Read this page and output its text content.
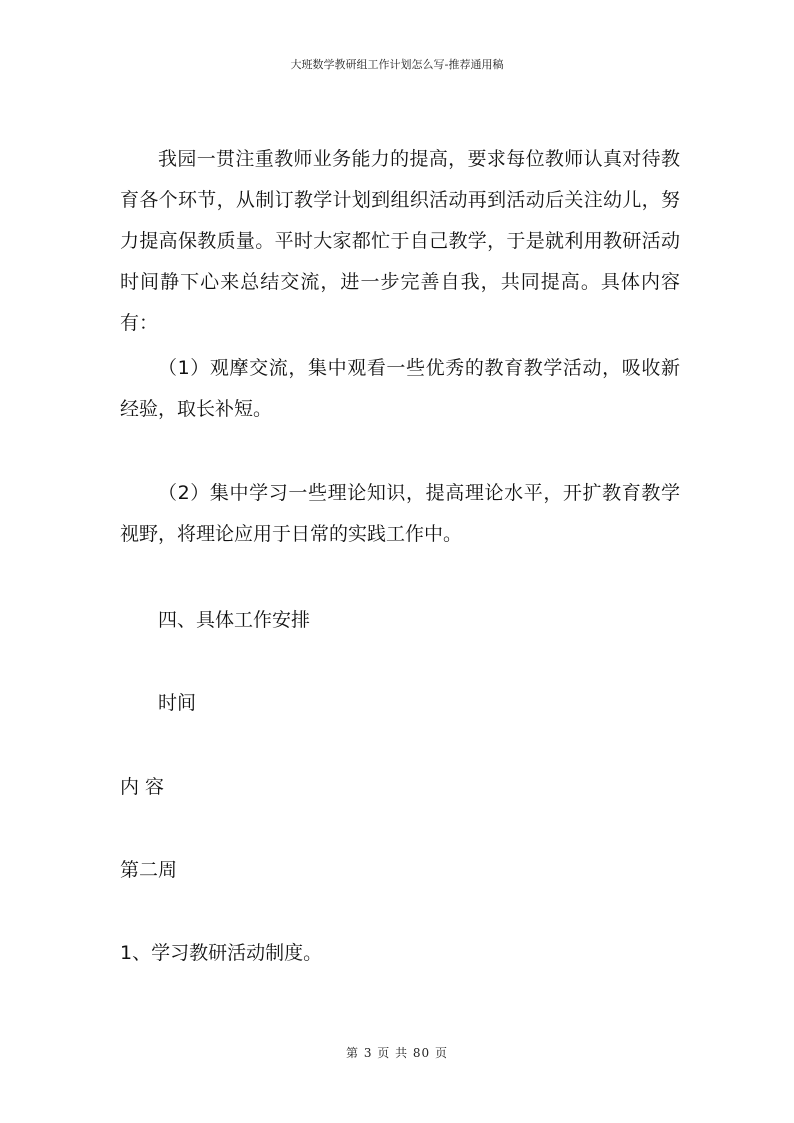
大班数学教研组工作计划怎么写-推荐通用稿
我园一贯注重教师业务能力的提高，要求每位教师认真对待教育各个环节，从制订教学计划到组织活动再到活动后关注幼儿，努力提高保教质量。平时大家都忙于自己教学，于是就利用教研活动时间静下心来总结交流，进一步完善自我，共同提高。具体内容有：
（1）观摩交流，集中观看一些优秀的教育教学活动，吸收新经验，取长补短。
（2）集中学习一些理论知识，提高理论水平，开扩教育教学视野，将理论应用于日常的实践工作中。
四、具体工作安排
时间
内 容
第二周
1、学习教研活动制度。
第 3 页 共 80 页
